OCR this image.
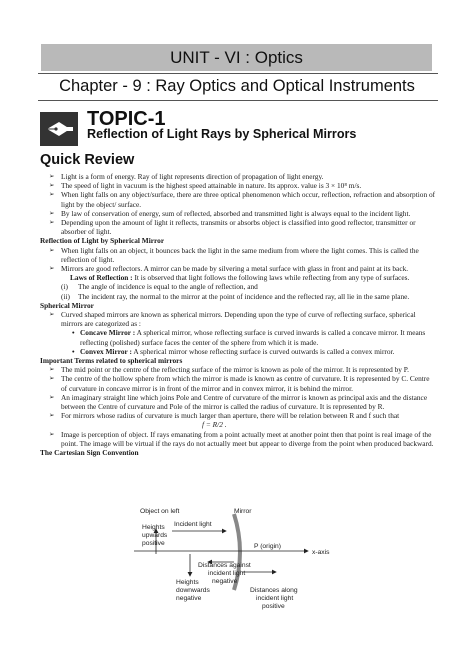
UNIT - VI : Optics
Chapter - 9 : Ray Optics and Optical Instruments
TOPIC-1
Reflection of Light Rays by Spherical Mirrors
Quick Review
➢ Light is a form of energy. Ray of light represents direction of propagation of light energy.
➢ The speed of light in vacuum is the highest speed attainable in nature. Its approx. value is 3 × 10⁸ m/s.
➢ When light falls on any object/surface, there are three optical phenomenon which occur, reflection, refraction and absorption of light by the object/ surface.
➢ By law of conservation of energy, sum of reflected, absorbed and transmitted light is always equal to the incident light.
➢ Depending upon the amount of light it reflects, transmits or absorbs object is classified into good reflector, transmitter or absorber of light.
Reflection of Light by Spherical Mirror
➢ When light falls on an object, it bounces back the light in the same medium from where the light comes. This is called the reflection of light.
➢ Mirrors are good reflectors. A mirror can be made by silvering a metal surface with glass in front and paint at its back.
Laws of Reflection : It is observed that light follows the following laws while reflecting from any type of surfaces.
(i) The angle of incidence is equal to the angle of reflection, and
(ii) The incident ray, the normal to the mirror at the point of incidence and the reflected ray, all lie in the same plane.
Spherical Mirror
➢ Curved shaped mirrors are known as spherical mirrors. Depending upon the type of curve of reflecting surface, spherical mirrors are categorized as :
• Concave Mirror : A spherical mirror, whose reflecting surface is curved inwards is called a concave mirror. It means reflecting (polished) surface faces the center of the sphere from which it is made.
• Convex Mirror : A spherical mirror whose reflecting surface is curved outwards is called a convex mirror.
Important Terms related to spherical mirrors
➢ The mid point or the centre of the reflecting surface of the mirror is known as pole of the mirror. It is represented by P.
➢ The centre of the hollow sphere from which the mirror is made is known as centre of curvature. It is represented by C. Centre of curvature in concave mirror is in front of the mirror and in convex mirror, it is behind the mirror.
➢ An imaginary straight line which joins Pole and Centre of curvature of the mirror is known as principal axis and the distance between the Centre of curvature and Pole of the mirror is called the radius of curvature. It is represented by R.
➢ For mirrors whose radius of curvature is much larger than aperture, there will be relation between R and f such that
f = R/2 .
➢ Image is perception of object. If rays emanating from a point actually meet at another point then that point is real image of the point. The image will be virtual if the rays do not actually meet but appear to diverge from the point when produced backward.
The Cartesian Sign Convention
Object on left	Mirror
Incident light
Heights upwards positive	P (origin)
x-axis
Distances against incident light negative
Heights downwards negative
Distances along incident light positive
